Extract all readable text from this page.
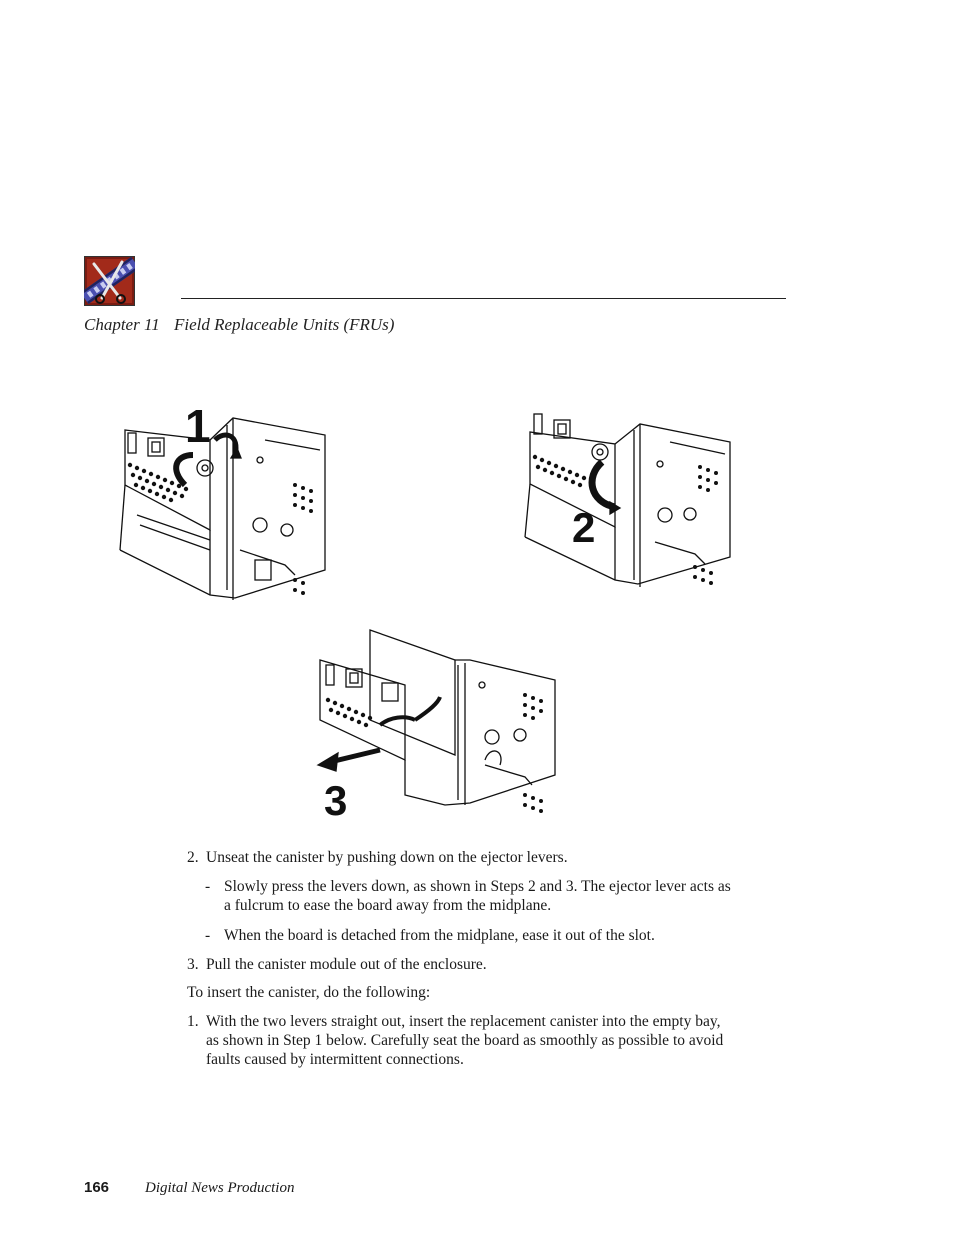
Chapter 11 Field Replaceable Units (FRUs)
1
2
3

2. Unseat the canister by pushing down on the ejector levers.

- Slowly press the levers down, as shown in Steps 2 and 3. The ejector lever acts as a fulcrum to ease the board away from the midplane.

- When the board is detached from the midplane, ease it out of the slot.

3. Pull the canister module out of the enclosure.

To insert the canister, do the following:

1. With the two levers straight out, insert the replacement canister into the empty bay, as shown in Step 1 below. Carefully seat the board as smoothly as possible to avoid faults caused by intermittent connections.

166 Digital News Production
